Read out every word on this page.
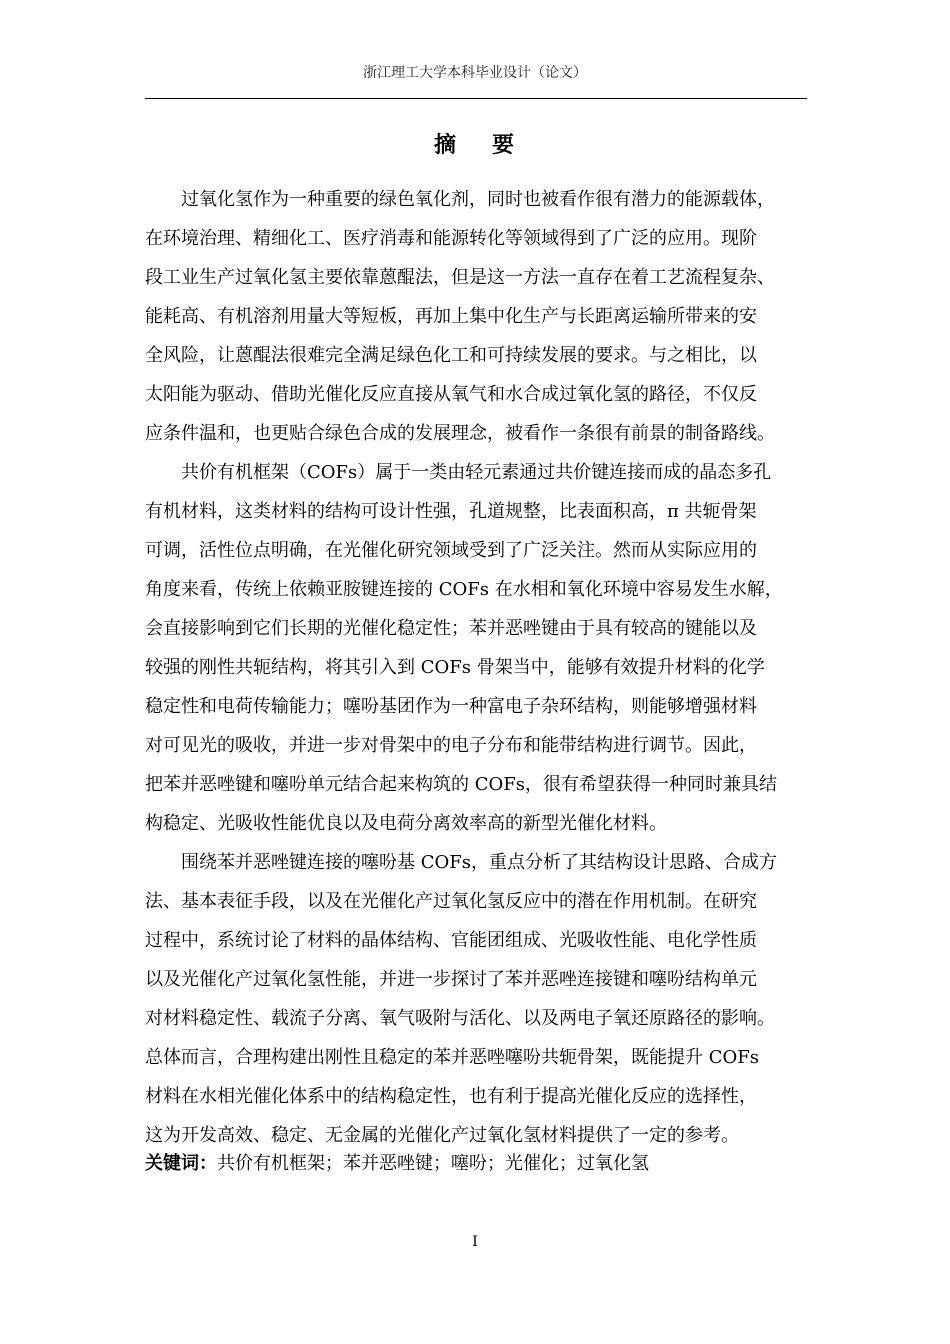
浙江理工大学本科毕业设计（论文）
摘 要

过氧化氢作为一种重要的绿色氧化剂，同时也被看作很有潜力的能源载体，
在环境治理、精细化工、医疗消毒和能源转化等领域得到了广泛的应用。现阶
段工业生产过氧化氢主要依靠蒽醌法，但是这一方法一直存在着工艺流程复杂、
能耗高、有机溶剂用量大等短板，再加上集中化生产与长距离运输所带来的安
全风险，让蒽醌法很难完全满足绿色化工和可持续发展的要求。与之相比，以
太阳能为驱动、借助光催化反应直接从氧气和水合成过氧化氢的路径，不仅反
应条件温和，也更贴合绿色合成的发展理念，被看作一条很有前景的制备路线。

共价有机框架（COFs）属于一类由轻元素通过共价键连接而成的晶态多孔
有机材料，这类材料的结构可设计性强，孔道规整，比表面积高，π 共轭骨架
可调，活性位点明确，在光催化研究领域受到了广泛关注。然而从实际应用的
角度来看，传统上依赖亚胺键连接的 COFs 在水相和氧化环境中容易发生水解，
会直接影响到它们长期的光催化稳定性；苯并恶唑键由于具有较高的键能以及
较强的刚性共轭结构，将其引入到 COFs 骨架当中，能够有效提升材料的化学
稳定性和电荷传输能力；噻吩基团作为一种富电子杂环结构，则能够增强材料
对可见光的吸收，并进一步对骨架中的电子分布和能带结构进行调节。因此，
把苯并恶唑键和噻吩单元结合起来构筑的 COFs，很有希望获得一种同时兼具结
构稳定、光吸收性能优良以及电荷分离效率高的新型光催化材料。

围绕苯并恶唑键连接的噻吩基 COFs，重点分析了其结构设计思路、合成方
法、基本表征手段，以及在光催化产过氧化氢反应中的潜在作用机制。在研究
过程中，系统讨论了材料的晶体结构、官能团组成、光吸收性能、电化学性质
以及光催化产过氧化氢性能，并进一步探讨了苯并恶唑连接键和噻吩结构单元
对材料稳定性、载流子分离、氧气吸附与活化、以及两电子氧还原路径的影响。
总体而言，合理构建出刚性且稳定的苯并恶唑噻吩共轭骨架，既能提升 COFs
材料在水相光催化体系中的结构稳定性，也有利于提高光催化反应的选择性，
这为开发高效、稳定、无金属的光催化产过氧化氢材料提供了一定的参考。

关键词：共价有机框架；苯并恶唑键；噻吩；光催化；过氧化氢
I
